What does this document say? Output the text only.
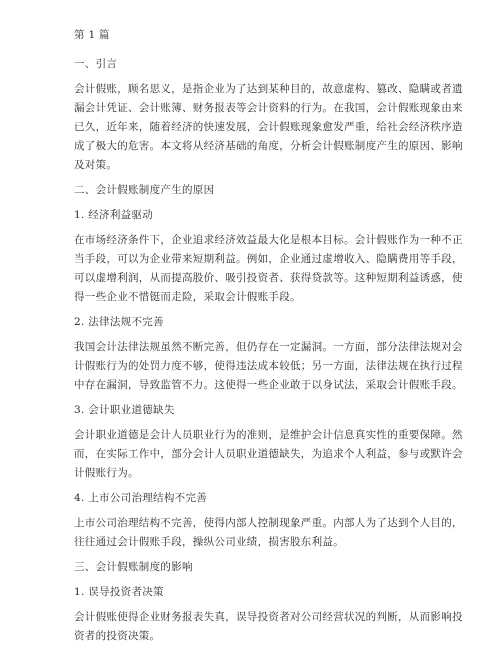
第 1 篇
一、引言
会计假账，顾名思义，是指企业为了达到某种目的，故意虚构、篡改、隐瞒或者遗
漏会计凭证、会计账簿、财务报表等会计资料的行为。在我国，会计假账现象由来
已久，近年来，随着经济的快速发展，会计假账现象愈发严重，给社会经济秩序造
成了极大的危害。本文将从经济基础的角度，分析会计假账制度产生的原因、影响
及对策。
二、会计假账制度产生的原因
1. 经济利益驱动
在市场经济条件下，企业追求经济效益最大化是根本目标。会计假账作为一种不正
当手段，可以为企业带来短期利益。例如，企业通过虚增收入、隐瞒费用等手段，
可以虚增利润，从而提高股价、吸引投资者、获得贷款等。这种短期利益诱惑，使
得一些企业不惜铤而走险，采取会计假账手段。
2. 法律法规不完善
我国会计法律法规虽然不断完善，但仍存在一定漏洞。一方面，部分法律法规对会
计假账行为的处罚力度不够，使得违法成本较低；另一方面，法律法规在执行过程
中存在漏洞，导致监管不力。这使得一些企业敢于以身试法，采取会计假账手段。
3. 会计职业道德缺失
会计职业道德是会计人员职业行为的准则，是维护会计信息真实性的重要保障。然
而，在实际工作中，部分会计人员职业道德缺失，为追求个人利益，参与或默许会
计假账行为。
4. 上市公司治理结构不完善
上市公司治理结构不完善，使得内部人控制现象严重。内部人为了达到个人目的，
往往通过会计假账手段，操纵公司业绩，损害股东利益。
三、会计假账制度的影响
1. 误导投资者决策
会计假账使得企业财务报表失真，误导投资者对公司经营状况的判断，从而影响投
资者的投资决策。
